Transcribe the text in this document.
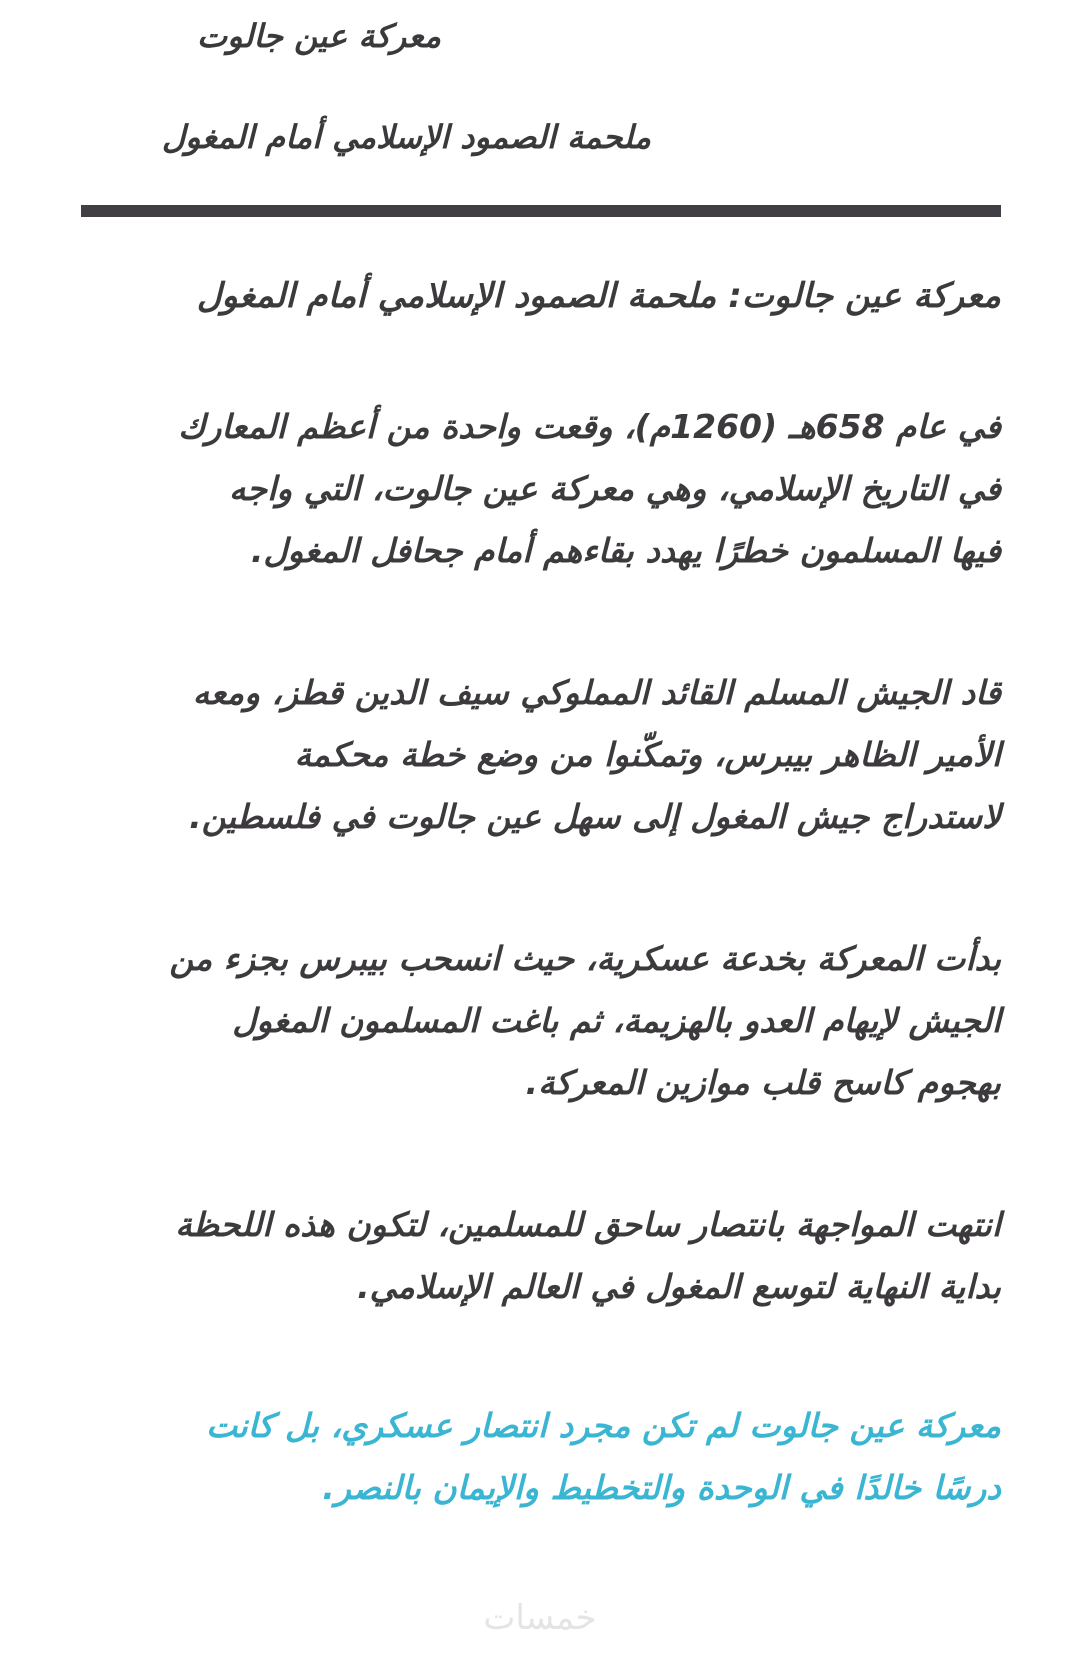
معركة عين جالوت
ملحمة الصمود الإسلامي أمام المغول
معركة عين جالوت: ملحمة الصمود الإسلامي أمام المغول
في عام 658هـ (1260م)، وقعت واحدة من أعظم المعارك
في التاريخ الإسلامي، وهي معركة عين جالوت، التي واجه
فيها المسلمون خطرًا يهدد بقاءهم أمام جحافل المغول.
قاد الجيش المسلم القائد المملوكي سيف الدين قطز، ومعه
الأمير الظاهر بيبرس، وتمكّنوا من وضع خطة محكمة
لاستدراج جيش المغول إلى سهل عين جالوت في فلسطين.
بدأت المعركة بخدعة عسكرية، حيث انسحب بيبرس بجزء من
الجيش لإيهام العدو بالهزيمة، ثم باغت المسلمون المغول
بهجوم كاسح قلب موازين المعركة.
انتهت المواجهة بانتصار ساحق للمسلمين، لتكون هذه اللحظة
بداية النهاية لتوسع المغول في العالم الإسلامي.
معركة عين جالوت لم تكن مجرد انتصار عسكري، بل كانت
درسًا خالدًا في الوحدة والتخطيط والإيمان بالنصر.
خمسات
